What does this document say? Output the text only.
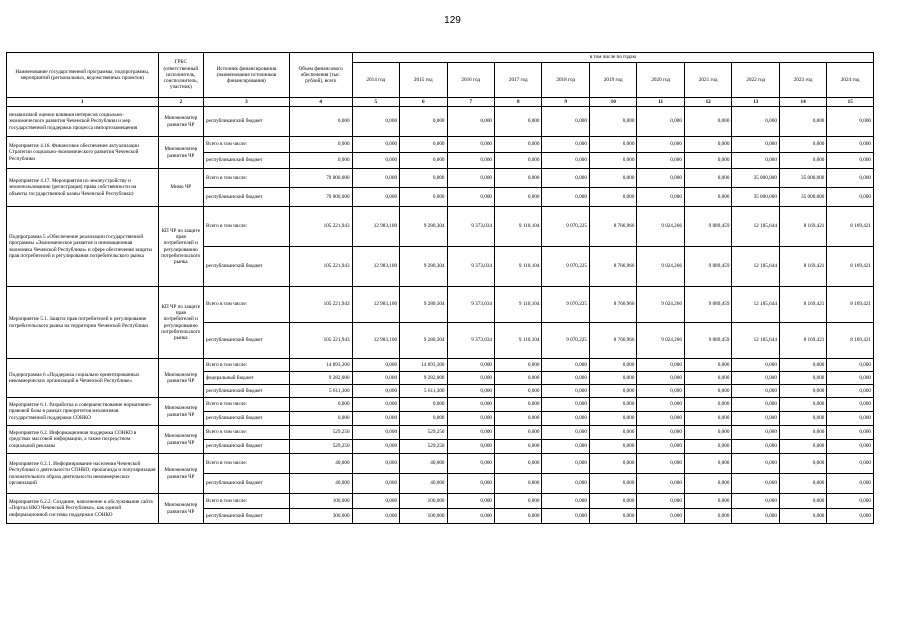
129
Наименование государственной программы, подпрограммы, мероприятий (региональных, ведомственных проектов)	ГРБС (ответственный исполнитель, соисполнитель, участник)	Источник финансирования (наименование источников финансирования)	Объем финансового обеспечения (тыс. рублей), всего	в том числе по годам										
				2014 год	2015 год	2016 год	2017 год	2018 год	2019 год	2020 год	2021 год	2022 год	2023 год	2024 год
1	2	3	4	5	6	7	8	9	10	11	12	13	14	15
независимой оценки влияния интересов социально-экономического развития Чеченской Республики и мер государственной поддержки процесса импортозамещения	Минэкономтер развития ЧР	республиканский бюджет	0,000	0,000	0,000	0,000	0,000	0,000	0,000	0,000	0,000	0,000	0,000	0,000
Мероприятие 4.16. Финансовое обеспечение актуализации Стратегии социально-экономического развития Чеченской Республики	Минэкономтер развития ЧР	Всего в том числе:	0,000	0,000	0,000	0,000	0,000	0,000	0,000	0,000	0,000	0,000	0,000	0,000
		республиканский бюджет	0,000	0,000	0,000	0,000	0,000	0,000	0,000	0,000	0,000	0,000	0,000	0,000
Мероприятие 4.17. Мероприятия по землеустройству и землепользованию (регистрация) права собственности на объекты государственной казны Чеченской Республики)	Мимо ЧР	Всего в том числе:	70 000,000	0,000	0,000	0,000	0,000	0,000	0,000	0,000	0,000	35 000,000	35 000,000	0,000
		республиканский бюджет	70 000,000	0,000	0,000	0,000	0,000	0,000	0,000	0,000	0,000	35 000,000	35 000,000	0,000
Подпрограмма 5 «Обеспечение реализации государственной программы «Экономическое развитие и инновационная экономика Чеченской Республики» и сфере обеспечения защиты прав потребителей и регулирования потребительского рынка	КП ЧР по защите прав потребителей и регулированию потребительского рынка	Всего в том числе:	105 221,943	12 983,100	9 280,304	9 373,034	9 110,104	9 070,225	8 766,966	9 024,266	9 089,459	12 185,644	8 169,421	8 169,421
		республиканский бюджет	105 221,943	12 983,100	9 280,304	9 373,034	9 110,104	9 070,225	8 766,966	9 024,266	9 089,459	12 185,644	8 169,421	8 169,421
Мероприятие 5.1. Защита прав потребителей и регулирование потребительского рынка на территории Чеченской Республики	КП ЧР по защите прав потребителей и регулированию потребительского рынка	Всего в том числе:	105 221,943	12 983,100	9 280,304	9 373,034	9 110,104	9 070,225	8 766,966	9 024,266	9 089,459	12 185,644	8 169,421	8 169,421
		республиканский бюджет	105 221,943	12 983,100	9 280,304	9 373,034	9 110,104	9 070,225	8 766,966	9 024,266	9 089,459	12 185,644	8 169,421	8 169,421
Подпрограмма 6 «Поддержка социально ориентированных некоммерческих организаций в Чеченской Республике»	Минэкономтер развития ЧР	Всего в том числе:	14 893,300	0,000	14 893,300	0,000	0,000	0,000	0,000	0,000	0,000	0,000	0,000	0,000
		федеральный бюджет	9 282,000	0,000	9 282,000	0,000	0,000	0,000	0,000	0,000	0,000	0,000	0,000	0,000
		республиканский бюджет	5 611,300	0,000	5 611,300	0,000	0,000	0,000	0,000	0,000	0,000	0,000	0,000	0,000
Мероприятие 6.1. Разработка и совершенствование нормативно-правовой базы в рамках приоритетов механизмов государственной поддержки СОНКО	Минэкономтер развития ЧР	Всего в том числе:	0,000	0,000	0,000	0,000	0,000	0,000	0,000	0,000	0,000	0,000	0,000	0,000
		республиканский бюджет	0,000	0,000	0,000	0,000	0,000	0,000	0,000	0,000	0,000	0,000	0,000	0,000
Мероприятие 6.2. Информационная поддержка СОНКО в средствах массовой информации, а также посредством социальной рекламы	Минэкономтер развития ЧР	Всего в том числе:	529,250	0,000	529,250	0,000	0,000	0,000	0,000	0,000	0,000	0,000	0,000	0,000
		республиканский бюджет	529,250	0,000	529,250	0,000	0,000	0,000	0,000	0,000	0,000	0,000	0,000	0,000
Мероприятие 6.2.1. Информирование населения Чеченской Республики о деятельности СОНКО, пропаганда и популяризация положительного образа деятельности некоммерческих организаций	Минэкономтер развития ЧР	Всего в том числе:	40,000	0,000	40,000	0,000	0,000	0,000	0,000	0,000	0,000	0,000	0,000	0,000
		республиканский бюджет	40,000	0,000	40,000	0,000	0,000	0,000	0,000	0,000	0,000	0,000	0,000	0,000
Мероприятие 6.2.2. Создание, наполнение и обслуживание сайта «Портал НКО Чеченской Республики», как единой информационной системы поддержки СОНКО	Минэкономтер развития ЧР	Всего в том числе:	100,000	0,000	100,000	0,000	0,000	0,000	0,000	0,000	0,000	0,000	0,000	0,000
		республиканский бюджет	300,000	0,000	100,000	0,000	0,000	0,000	0,000	0,000	0,000	0,000	0,000	0,000
